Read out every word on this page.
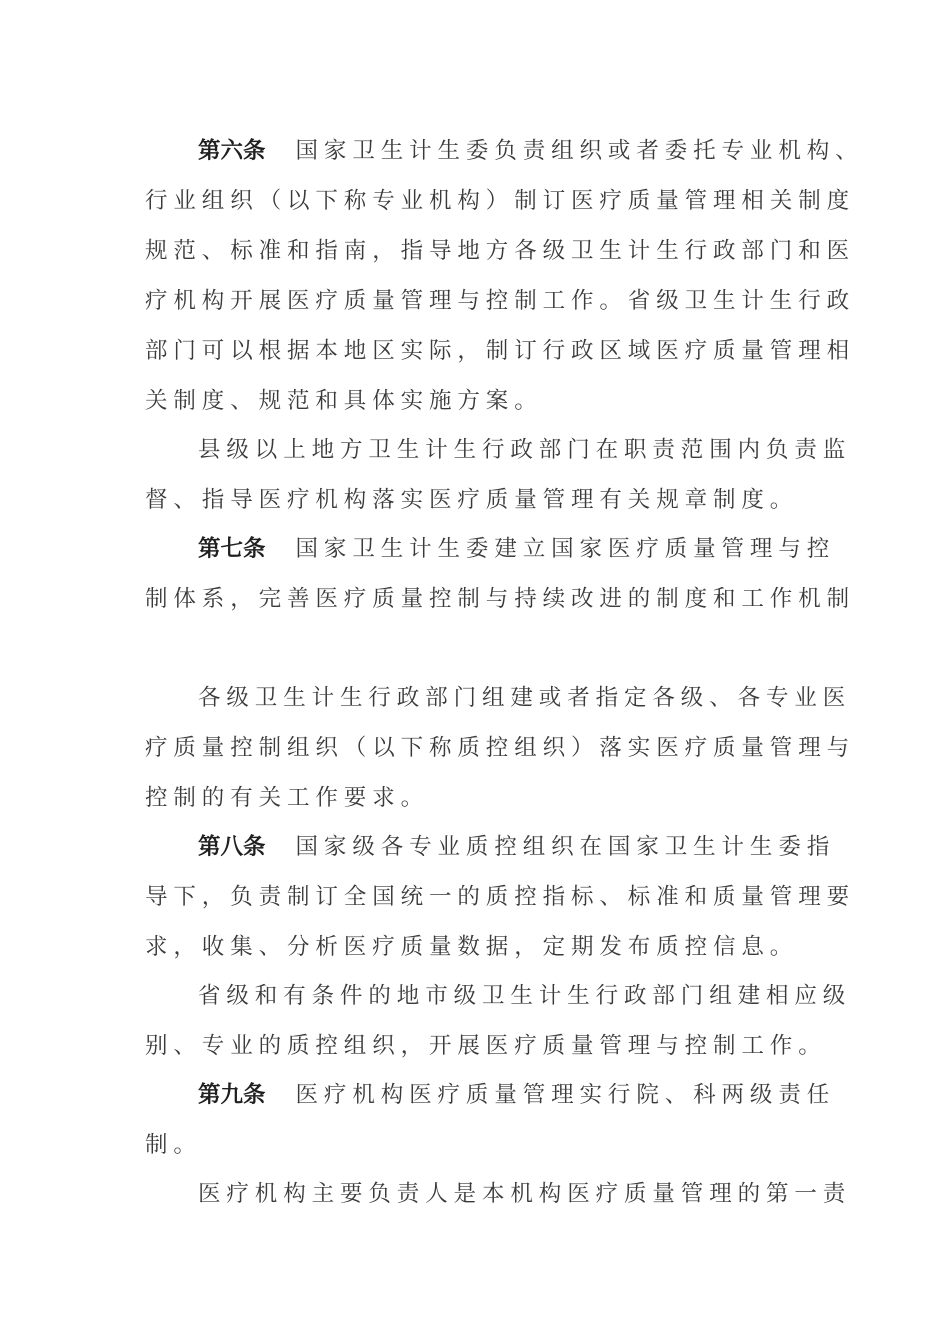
第六条 国家卫生计生委负责组织或者委托专业机构、
行业组织（以下称专业机构）制订医疗质量管理相关制度
规范、标准和指南，指导地方各级卫生计生行政部门和医
疗机构开展医疗质量管理与控制工作。省级卫生计生行政
部门可以根据本地区实际，制订行政区域医疗质量管理相
关制度、规范和具体实施方案。
县级以上地方卫生计生行政部门在职责范围内负责监
督、指导医疗机构落实医疗质量管理有关规章制度。
第七条 国家卫生计生委建立国家医疗质量管理与控
制体系，完善医疗质量控制与持续改进的制度和工作机制
各级卫生计生行政部门组建或者指定各级、各专业医
疗质量控制组织（以下称质控组织）落实医疗质量管理与
控制的有关工作要求。
第八条 国家级各专业质控组织在国家卫生计生委指
导下，负责制订全国统一的质控指标、标准和质量管理要
求，收集、分析医疗质量数据，定期发布质控信息。
省级和有条件的地市级卫生计生行政部门组建相应级
别、专业的质控组织，开展医疗质量管理与控制工作。
第九条 医疗机构医疗质量管理实行院、科两级责任
制。
医疗机构主要负责人是本机构医疗质量管理的第一责
